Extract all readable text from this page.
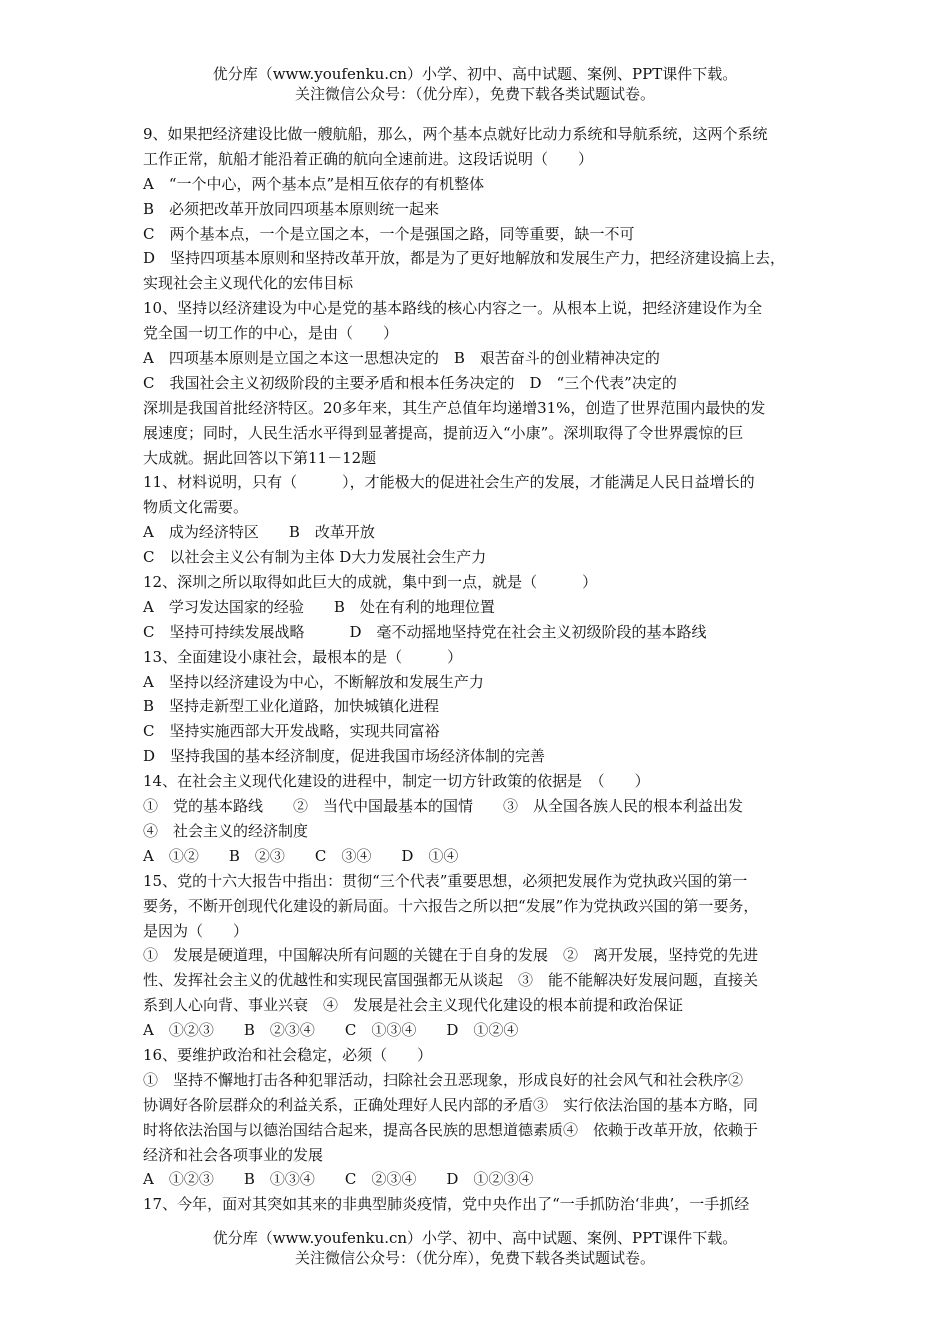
优分库（www.youfenku.cn）小学、初中、高中试题、案例、PPT课件下载。
关注微信公众号：（优分库），免费下载各类试题试卷。
9、如果把经济建设比做一艘航船，那么，两个基本点就好比动力系统和导航系统，这两个系统
工作正常，航船才能沿着正确的航向全速前进。这段话说明（　　）
A　“一个中心，两个基本点”是相互依存的有机整体
B　必须把改革开放同四项基本原则统一起来
C　两个基本点，一个是立国之本，一个是强国之路，同等重要，缺一不可
D　坚持四项基本原则和坚持改革开放，都是为了更好地解放和发展生产力，把经济建设搞上去，
实现社会主义现代化的宏伟目标
10、坚持以经济建设为中心是党的基本路线的核心内容之一。从根本上说，把经济建设作为全
党全国一切工作的中心，是由（　　）
A　四项基本原则是立国之本这一思想决定的　B　艰苦奋斗的创业精神决定的
C　我国社会主义初级阶段的主要矛盾和根本任务决定的　D　“三个代表”决定的
深圳是我国首批经济特区。20多年来，其生产总值年均递增31%，创造了世界范围内最快的发
展速度；同时，人民生活水平得到显著提高，提前迈入“小康”。深圳取得了令世界震惊的巨
大成就。据此回答以下第11－12题
11、材料说明，只有（　　　），才能极大的促进社会生产的发展，才能满足人民日益增长的
物质文化需要。
A　成为经济特区　　B　改革开放
C　以社会主义公有制为主体 D大力发展社会生产力
12、深圳之所以取得如此巨大的成就，集中到一点，就是（　　　）
A　学习发达国家的经验　　B　处在有利的地理位置
C　坚持可持续发展战略　　　D　毫不动摇地坚持党在社会主义初级阶段的基本路线
13、全面建设小康社会，最根本的是（　　　）
A　坚持以经济建设为中心，不断解放和发展生产力
B　坚持走新型工业化道路，加快城镇化进程
C　坚持实施西部大开发战略，实现共同富裕
D　坚持我国的基本经济制度，促进我国市场经济体制的完善
14、在社会主义现代化建设的进程中，制定一切方针政策的依据是　（　　）
①　党的基本路线　　②　当代中国最基本的国情　　③　从全国各族人民的根本利益出发
④　社会主义的经济制度
A　①②　　B　②③　　C　③④　　D　①④
15、党的十六大报告中指出：贯彻“三个代表”重要思想，必须把发展作为党执政兴国的第一
要务，不断开创现代化建设的新局面。十六报告之所以把“发展”作为党执政兴国的第一要务，
是因为（　　）
①　发展是硬道理，中国解决所有问题的关键在于自身的发展　②　离开发展，坚持党的先进
性、发挥社会主义的优越性和实现民富国强都无从谈起　③　能不能解决好发展问题，直接关
系到人心向背、事业兴衰　④　发展是社会主义现代化建设的根本前提和政治保证
A　①②③　　B　②③④　　C　①③④　　D　①②④
16、要维护政治和社会稳定，必须（　　）
①　坚持不懈地打击各种犯罪活动，扫除社会丑恶现象，形成良好的社会风气和社会秩序②
协调好各阶层群众的利益关系，正确处理好人民内部的矛盾③　实行依法治国的基本方略，同
时将依法治国与以德治国结合起来，提高各民族的思想道德素质④　依赖于改革开放，依赖于
经济和社会各项事业的发展
A　①②③　　B　①③④　　C　②③④　　D　①②③④
17、今年，面对其突如其来的非典型肺炎疫情，党中央作出了“一手抓防治‘非典’，一手抓经
优分库（www.youfenku.cn）小学、初中、高中试题、案例、PPT课件下载。
关注微信公众号：（优分库），免费下载各类试题试卷。
